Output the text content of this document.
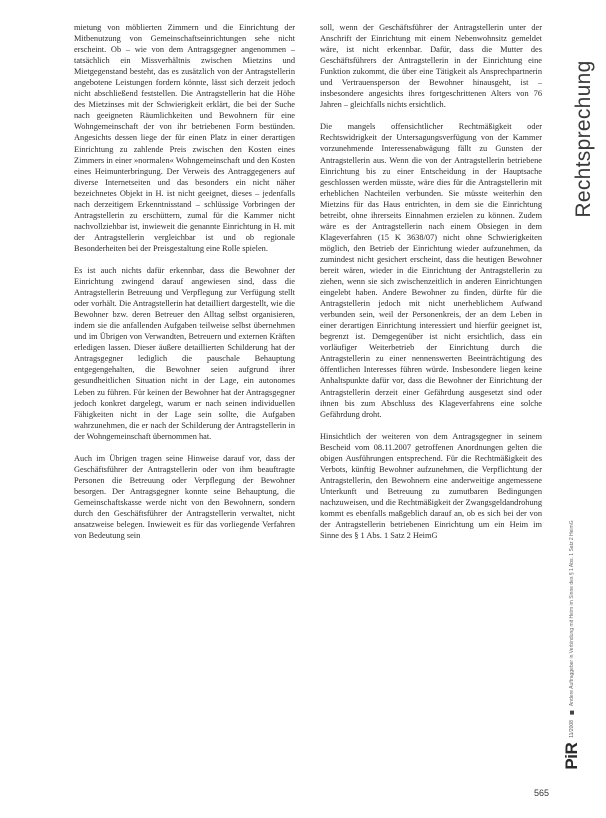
mietung von möblierten Zimmern und die Einrichtung der Mitbenutzung von Gemeinschaftseinrichtungen sehe nicht erscheint. Ob – wie von dem Antragsgegner angenommen – tatsächlich ein Missverhältnis zwischen Mietzins und Mietgegenstand besteht, das es zusätzlich von der Antragstellerin angebotene Leistungen fordern könnte, lässt sich derzeit jedoch nicht abschließend feststellen. Die Antragstellerin hat die Höhe des Mietzinses mit der Schwierigkeit erklärt, die bei der Suche nach geeigneten Räumlichkeiten und Bewohnern für eine Wohngemeinschaft der von ihr betriebenen Form bestünden. Angesichts dessen liege der für einen Platz in einer derartigen Einrichtung zu zahlende Preis zwischen den Kosten eines Zimmers in einer »normalen« Wohngemeinschaft und den Kosten eines Heimunterbringung. Der Verweis des Antraggegeners auf diverse Internetseiten und das besonders ein nicht näher bezeichnetes Objekt in H. ist nicht geeignet, dieses – jedenfalls nach derzeitigem Erkenntnisstand – schlüssige Vorbringen der Antragstellerin zu erschüttern, zumal für die Kammer nicht nachvollziehbar ist, inwieweit die genannte Einrichtung in H. mit der Antragstellerin vergleichbar ist und ob regionale Besonderheiten bei der Preisgestaltung eine Rolle spielen.

Es ist auch nichts dafür erkennbar, dass die Bewohner der Einrichtung zwingend darauf angewiesen sind, dass die Antragstellerin Betreuung und Verpflegung zur Verfügung stellt oder vorhält. Die Antragstellerin hat detailliert dargestellt, wie die Bewohner bzw. deren Betreuer den Alltag selbst organisieren, indem sie die anfallenden Aufgaben teilweise selbst übernehmen und im Übrigen von Verwandten, Betreuern und externen Kräften erledigen lassen. Dieser äußere detaillierten Schilderung hat der Antragsgegner lediglich die pauschale Behauptung entgegengehalten, die Bewohner seien aufgrund ihrer gesundheitlichen Situation nicht in der Lage, ein autonomes Leben zu führen. Für keinen der Bewohner hat der Antragsgegner jedoch konkret dargelegt, warum er nach seinen individuellen Fähigkeiten nicht in der Lage sein sollte, die Aufgaben wahrzunehmen, die er nach der Schilderung der Antragstellerin in der Wohngemeinschaft übernommen hat.

Auch im Übrigen tragen seine Hinweise darauf vor, dass der Geschäftsführer der Antragstellerin oder von ihm beauftragte Personen die Betreuung oder Verpflegung der Bewohner besorgen. Der Antragsgegner konnte seine Behauptung, die Gemeinschaftskasse werde nicht von den Bewohnern, sondern durch den Geschäftsführer der Antragstellerin verwaltet, nicht ansatzweise belegen. Inwieweit es für das vorliegende Verfahren von Bedeutung sein

soll, wenn der Geschäftsführer der Antragstellerin unter der Anschrift der Einrichtung mit einem Nebenwohnsitz gemeldet wäre, ist nicht erkennbar. Dafür, dass die Mutter des Geschäftsführers der Antragstellerin in der Einrichtung eine Funktion zukommt, die über eine Tätigkeit als Ansprechpartnerin und Vertrauensperson der Bewohner hinausgeht, ist – insbesondere angesichts ihres fortgeschrittenen Alters von 76 Jahren – gleichfalls nichts ersichtlich.

Die mangels offensichtlicher Rechtmäßigkeit oder Rechtswidrigkeit der Untersagungsverfügung von der Kammer vorzunehmende Interessenabwägung fällt zu Gunsten der Antragstellerin aus. Wenn die von der Antragstellerin betriebene Einrichtung bis zu einer Entscheidung in der Hauptsache geschlossen werden müsste, wäre dies für die Antragstellerin mit erheblichen Nachteilen verbunden. Sie müsste weiterhin den Mietzins für das Haus entrichten, in dem sie die Einrichtung betreibt, ohne ihrerseits Einnahmen erzielen zu können. Zudem wäre es der Antragstellerin nach einem Obsiegen in dem Klageverfahren (15 K 3638/07) nicht ohne Schwierigkeiten möglich, den Betrieb der Einrichtung wieder aufzunehmen, da zumindest nicht gesichert erscheint, dass die heutigen Bewohner bereit wären, wieder in die Einrichtung der Antragstellerin zu ziehen, wenn sie sich zwischenzeitlich in anderen Einrichtungen eingelebt haben. Andere Bewohner zu finden, dürfte für die Antragstellerin jedoch mit nicht unerheblichem Aufwand verbunden sein, weil der Personenkreis, der an dem Leben in einer derartigen Einrichtung interessiert und hierfür geeignet ist, begrenzt ist. Demgegenüber ist nicht ersichtlich, dass ein vorläufiger Weiterbetrieb der Einrichtung durch die Antragstellerin zu einer nennenswerten Beeinträchtigung des öffentlichen Interesses führen würde. Insbesondere liegen keine Anhaltspunkte dafür vor, dass die Bewohner der Einrichtung der Antragstellerin derzeit einer Gefährdung ausgesetzt sind oder ihnen bis zum Abschluss des Klageverfahrens eine solche Gefährdung droht.

Hinsichtlich der weiteren von dem Antragsgegner in seinem Bescheid vom 08.11.2007 getroffenen Anordnungen gelten die obigen Ausführungen entsprechend. Für die Rechtmäßigkeit des Verbots, künftig Bewohner aufzunehmen, die Verpflichtung der Antragstellerin, den Bewohnern eine anderweitige angemessene Unterkunft und Betreuung zu zumutbaren Bedingungen nachzuweisen, und die Rechtmäßigkeit der Zwangsgeldandrohung kommt es ebenfalls maßgeblich darauf an, ob es sich bei der von der Antragstellerin betriebenen Einrichtung um ein Heim im Sinne des § 1 Abs. 1 Satz 2 HeimG

Rechtsprechung
PiR
11/2008
Andere Auftraggeber in Verbindung mit Heim im Sinne des § 1 Abs. 1 Satz 2 HeimG
565
